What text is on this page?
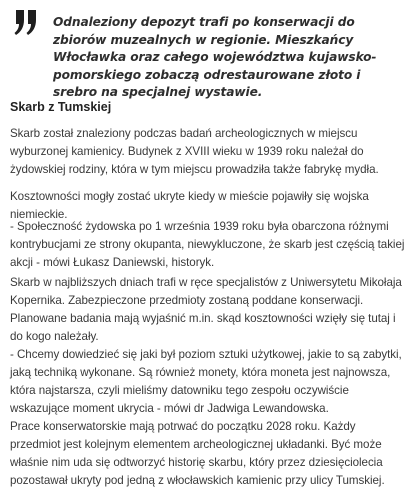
Odnaleziony depozyt trafi po konserwacji do zbiorów muzealnych w regionie. Mieszkańcy Włocławka oraz całego województwa kujawsko-pomorskiego zobaczą odrestaurowane złoto i srebro na specjalnej wystawie.

Skarb z Tumskiej

Skarb został znaleziony podczas badań archeologicznych w miejscu wyburzonej kamienicy. Budynek z XVIII wieku w 1939 roku należał do żydowskiej rodziny, która w tym miejscu prowadziła także fabrykę mydła.

Kosztowności mogły zostać ukryte kiedy w mieście pojawiły się wojska niemieckie.

- Społeczność żydowska po 1 września 1939 roku była obarczona różnymi kontrybucjami ze strony okupanta, niewykluczone, że skarb jest częścią takiej akcji - mówi Łukasz Daniewski, historyk.

Skarb w najbliższych dniach trafi w ręce specjalistów z Uniwersytetu Mikołaja Kopernika. Zabezpieczone przedmioty zostaną poddane konserwacji. Planowane badania mają wyjaśnić m.in. skąd kosztowności wzięły się tutaj i do kogo należały.

- Chcemy dowiedzieć się jaki był poziom sztuki użytkowej, jakie to są zabytki, jaką techniką wykonane. Są również monety, która moneta jest najnowsza, która najstarsza, czyli mieliśmy datowniku tego zespołu oczywiście wskazujące moment ukrycia - mówi dr Jadwiga Lewandowska.

Prace konserwatorskie mają potrwać do początku 2028 roku. Każdy przedmiot jest kolejnym elementem archeologicznej układanki. Być może właśnie nim uda się odtworzyć historię skarbu, który przez dziesięciolecia pozostawał ukryty pod jedną z włocławskich kamienic przy ulicy Tumskiej.
